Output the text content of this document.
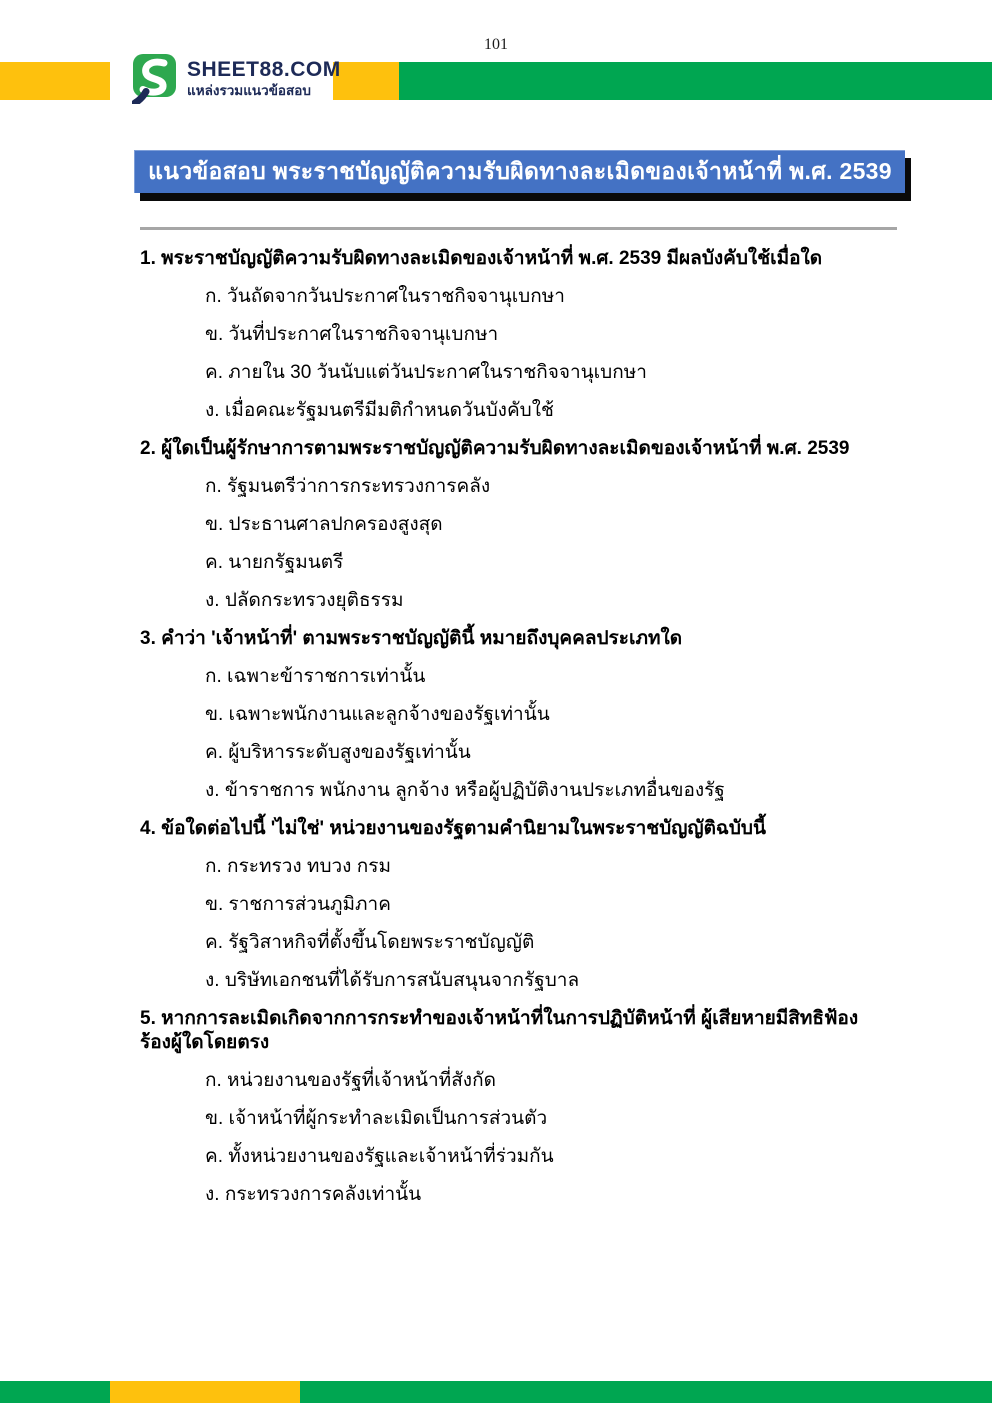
101
SHEET88.COM
แหล่งรวมแนวข้อสอบ
แนวข้อสอบ พระราชบัญญัติความรับผิดทางละเมิดของเจ้าหน้าที่ พ.ศ. 2539
1. พระราชบัญญัติความรับผิดทางละเมิดของเจ้าหน้าที่ พ.ศ. 2539 มีผลบังคับใช้เมื่อใด
ก. วันถัดจากวันประกาศในราชกิจจานุเบกษา
ข. วันที่ประกาศในราชกิจจานุเบกษา
ค. ภายใน 30 วันนับแต่วันประกาศในราชกิจจานุเบกษา
ง. เมื่อคณะรัฐมนตรีมีมติกำหนดวันบังคับใช้
2. ผู้ใดเป็นผู้รักษาการตามพระราชบัญญัติความรับผิดทางละเมิดของเจ้าหน้าที่ พ.ศ. 2539
ก. รัฐมนตรีว่าการกระทรวงการคลัง
ข. ประธานศาลปกครองสูงสุด
ค. นายกรัฐมนตรี
ง. ปลัดกระทรวงยุติธรรม
3. คำว่า 'เจ้าหน้าที่' ตามพระราชบัญญัตินี้ หมายถึงบุคคลประเภทใด
ก. เฉพาะข้าราชการเท่านั้น
ข. เฉพาะพนักงานและลูกจ้างของรัฐเท่านั้น
ค. ผู้บริหารระดับสูงของรัฐเท่านั้น
ง. ข้าราชการ พนักงาน ลูกจ้าง หรือผู้ปฏิบัติงานประเภทอื่นของรัฐ
4. ข้อใดต่อไปนี้ 'ไม่ใช่' หน่วยงานของรัฐตามคำนิยามในพระราชบัญญัติฉบับนี้
ก. กระทรวง ทบวง กรม
ข. ราชการส่วนภูมิภาค
ค. รัฐวิสาหกิจที่ตั้งขึ้นโดยพระราชบัญญัติ
ง. บริษัทเอกชนที่ได้รับการสนับสนุนจากรัฐบาล
5. หากการละเมิดเกิดจากการกระทำของเจ้าหน้าที่ในการปฏิบัติหน้าที่ ผู้เสียหายมีสิทธิฟ้องร้องผู้ใดโดยตรง
ก. หน่วยงานของรัฐที่เจ้าหน้าที่สังกัด
ข. เจ้าหน้าที่ผู้กระทำละเมิดเป็นการส่วนตัว
ค. ทั้งหน่วยงานของรัฐและเจ้าหน้าที่ร่วมกัน
ง. กระทรวงการคลังเท่านั้น
